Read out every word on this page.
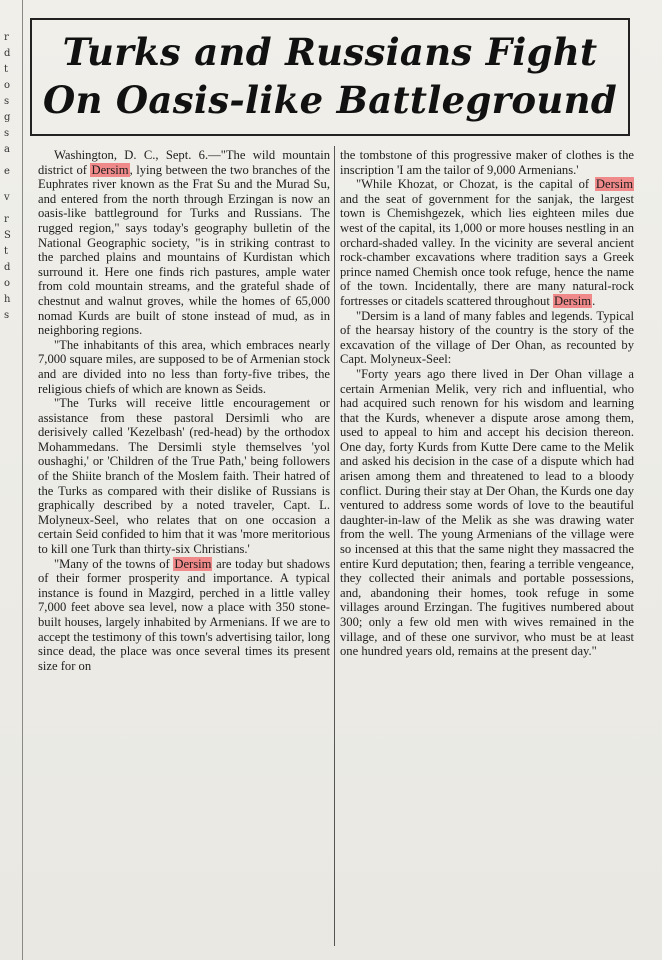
r
d
t
o
s
g
s
a
e
v
r
S
t
d
o
h
s
Turks and Russians Fight
On Oasis-like Battleground

Washington, D. C., Sept. 6.—"The wild mountain district of Dersim, lying between the two branches of the Euphrates river known as the Frat Su and the Murad Su, and entered from the north through Erzingan is now an oasis-like battleground for Turks and Russians. The rugged region," says today's geography bulletin of the National Geographic society, "is in striking contrast to the parched plains and mountains of Kurdistan which surround it. Here one finds rich pastures, ample water from cold mountain streams, and the grateful shade of chestnut and walnut groves, while the homes of 65,000 nomad Kurds are built of stone instead of mud, as in neighboring regions.

"The inhabitants of this area, which embraces nearly 7,000 square miles, are supposed to be of Armenian stock and are divided into no less than forty-five tribes, the religious chiefs of which are known as Seids.

"The Turks will receive little encouragement or assistance from these pastoral Dersimli who are derisively called 'Kezelbash' (red-head) by the orthodox Mohammedans. The Dersimli style themselves 'yol oushaghi,' or 'Children of the True Path,' being followers of the Shiite branch of the Moslem faith. Their hatred of the Turks as compared with their dislike of Russians is graphically described by a noted traveler, Capt. L. Molyneux-Seel, who relates that on one occasion a certain Seid confided to him that it was 'more meritorious to kill one Turk than thirty-six Christians.'

"Many of the towns of Dersim are today but shadows of their former prosperity and importance. A typical instance is found in Mazgird, perched in a little valley 7,000 feet above sea level, now a place with 350 stone-built houses, largely inhabited by Armenians. If we are to accept the testimony of this town's advertising tailor, long since dead, the place was once several times its present size for on

the tombstone of this progressive maker of clothes is the inscription 'I am the tailor of 9,000 Armenians.'

"While Khozat, or Chozat, is the capital of Dersim and the seat of government for the sanjak, the largest town is Chemishgezek, which lies eighteen miles due west of the capital, its 1,000 or more houses nestling in an orchard-shaded valley. In the vicinity are several ancient rock-chamber excavations where tradition says a Greek prince named Chemish once took refuge, hence the name of the town. Incidentally, there are many natural-rock fortresses or citadels scattered throughout Dersim.

"Dersim is a land of many fables and legends. Typical of the hearsay history of the country is the story of the excavation of the village of Der Ohan, as recounted by Capt. Molyneux-Seel:

"Forty years ago there lived in Der Ohan village a certain Armenian Melik, very rich and influential, who had acquired such renown for his wisdom and learning that the Kurds, whenever a dispute arose among them, used to appeal to him and accept his decision thereon. One day, forty Kurds from Kutte Dere came to the Melik and asked his decision in the case of a dispute which had arisen among them and threatened to lead to a bloody conflict. During their stay at Der Ohan, the Kurds one day ventured to address some words of love to the beautiful daughter-in-law of the Melik as she was drawing water from the well. The young Armenians of the village were so incensed at this that the same night they massacred the entire Kurd deputation; then, fearing a terrible vengeance, they collected their animals and portable possessions, and, abandoning their homes, took refuge in some villages around Erzingan. The fugitives numbered about 300; only a few old men with wives remained in the village, and of these one survivor, who must be at least one hundred years old, remains at the present day."
